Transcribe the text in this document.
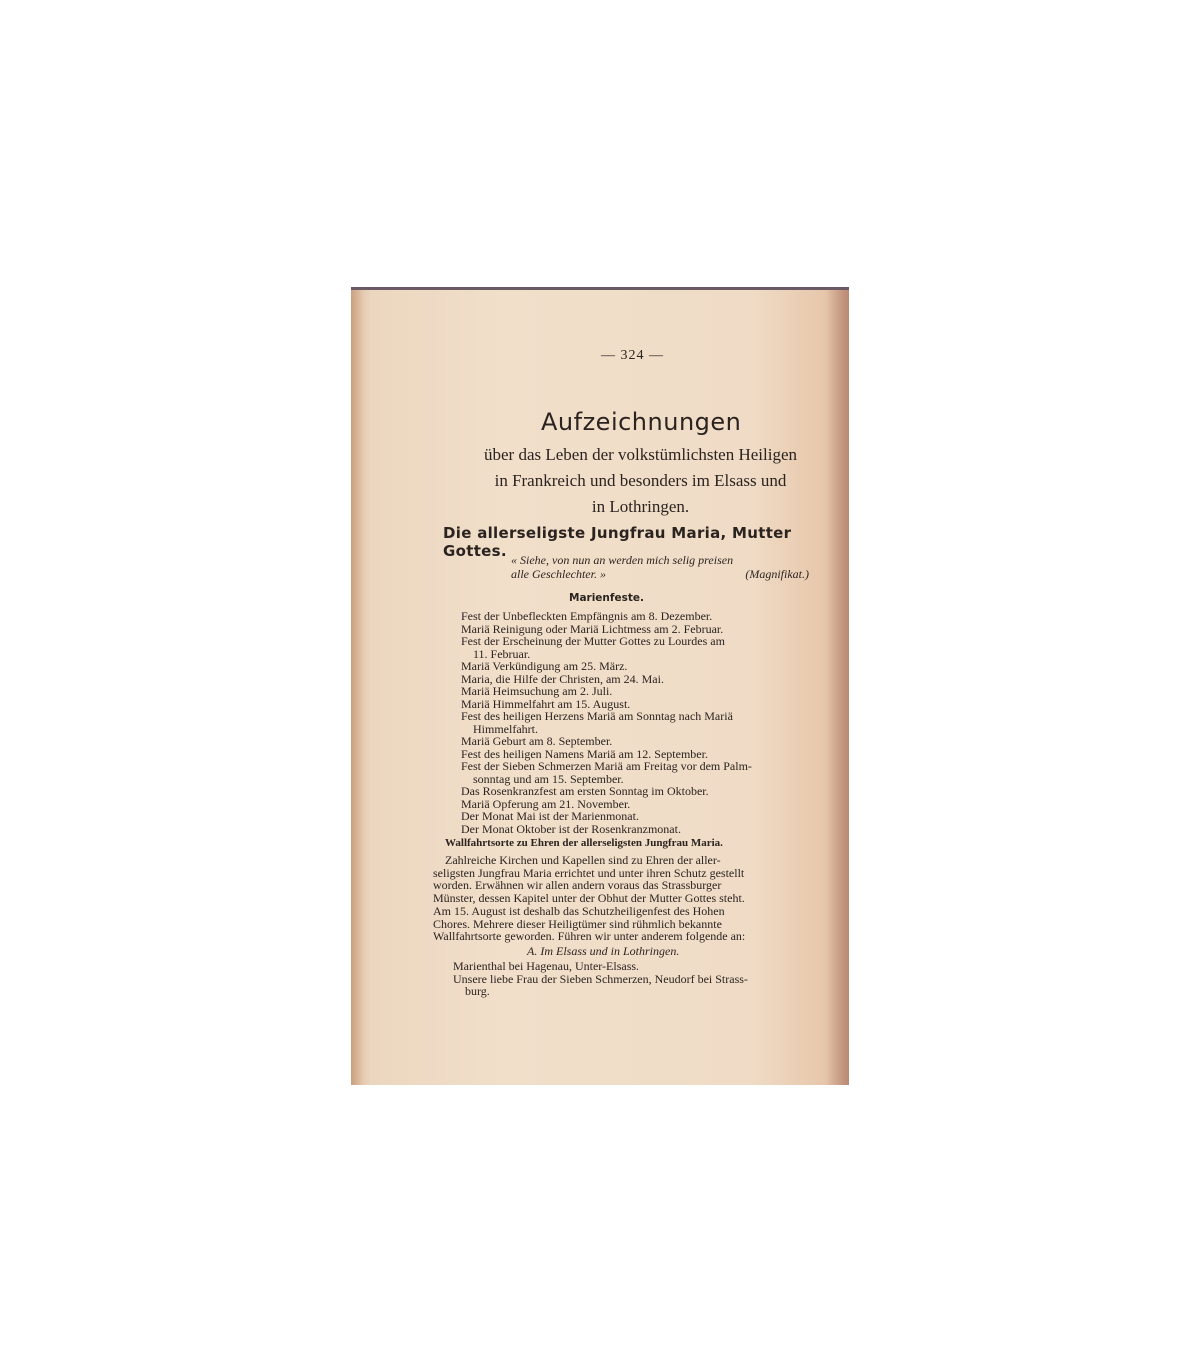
— 324 —
Aufzeichnungen
über das Leben der volkstümlichsten Heiligen
in Frankreich und besonders im Elsass und
in Lothringen.
Die allerseligste Jungfrau Maria, Mutter Gottes. « Siehe, von nun an werden mich selig preisen
alle Geschlechter. »	(Magnifikat.)
Marienfeste.
Fest der Unbefleckten Empfängnis am 8. Dezember.
Mariä Reinigung oder Mariä Lichtmess am 2. Februar.
Fest der Erscheinung der Mutter Gottes zu Lourdes am
11. Februar.
Mariä Verkündigung am 25. März.
Maria, die Hilfe der Christen, am 24. Mai.
Mariä Heimsuchung am 2. Juli.
Mariä Himmelfahrt am 15. August.
Fest des heiligen Herzens Mariä am Sonntag nach Mariä
Himmelfahrt.
Mariä Geburt am 8. September.
Fest des heiligen Namens Mariä am 12. September.
Fest der Sieben Schmerzen Mariä am Freitag vor dem Palm-
sonntag und am 15. September.
Das Rosenkranzfest am ersten Sonntag im Oktober.
Mariä Opferung am 21. November.
Der Monat Mai ist der Marienmonat.
Der Monat Oktober ist der Rosenkranzmonat.
Wallfahrtsorte zu Ehren der allerseligsten Jungfrau Maria.
Zahlreiche Kirchen und Kapellen sind zu Ehren der aller-
seligsten Jungfrau Maria errichtet und unter ihren Schutz gestellt
worden. Erwähnen wir allen andern voraus das Strassburger
Münster, dessen Kapitel unter der Obhut der Mutter Gottes steht.
Am 15. August ist deshalb das Schutzheiligenfest des Hohen
Chores. Mehrere dieser Heiligtümer sind rühmlich bekannte
Wallfahrtsorte geworden. Führen wir unter anderem folgende an:
A. Im Elsass und in Lothringen.
Marienthal bei Hagenau, Unter-Elsass.
Unsere liebe Frau der Sieben Schmerzen, Neudorf bei Strass-
burg.
